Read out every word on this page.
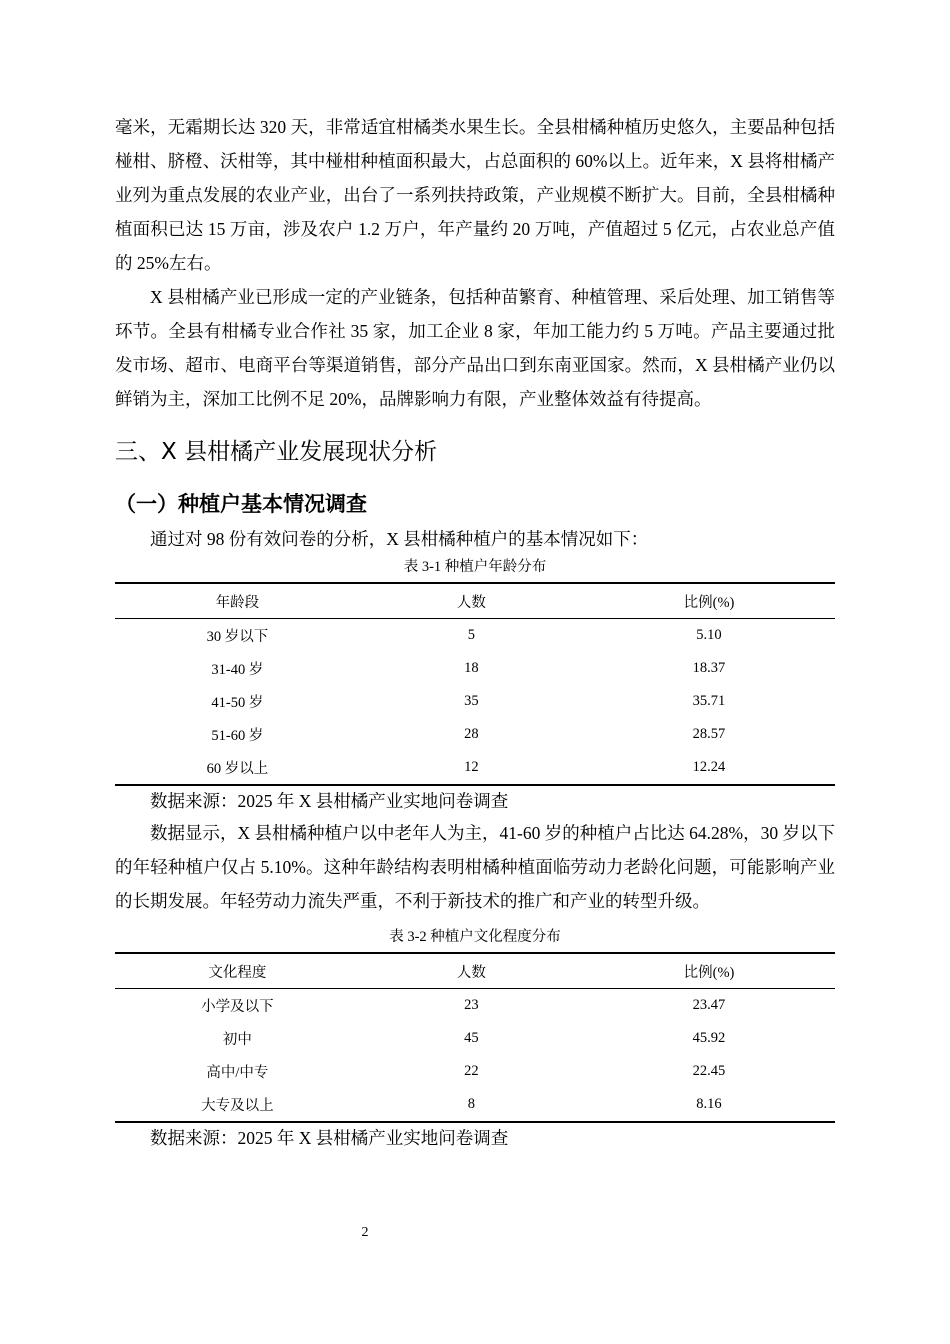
毫米，无霜期长达 320 天，非常适宜柑橘类水果生长。全县柑橘种植历史悠久，主要品种包括椪柑、脐橙、沃柑等，其中椪柑种植面积最大，占总面积的 60%以上。近年来，X 县将柑橘产业列为重点发展的农业产业，出台了一系列扶持政策，产业规模不断扩大。目前，全县柑橘种植面积已达 15 万亩，涉及农户 1.2 万户，年产量约 20 万吨，产值超过 5 亿元，占农业总产值的 25%左右。

X 县柑橘产业已形成一定的产业链条，包括种苗繁育、种植管理、采后处理、加工销售等环节。全县有柑橘专业合作社 35 家，加工企业 8 家，年加工能力约 5 万吨。产品主要通过批发市场、超市、电商平台等渠道销售，部分产品出口到东南亚国家。然而，X 县柑橘产业仍以鲜销为主，深加工比例不足 20%，品牌影响力有限，产业整体效益有待提高。

三、X 县柑橘产业发展现状分析
（一）种植户基本情况调查

通过对 98 份有效问卷的分析，X 县柑橘种植户的基本情况如下：

表 3-1 种植户年龄分布

年龄段	人数	比例(%)
30 岁以下	5	5.10
31-40 岁	18	18.37
41-50 岁	35	35.71
51-60 岁	28	28.57
60 岁以上	12	12.24

数据来源：2025 年 X 县柑橘产业实地问卷调查

数据显示，X 县柑橘种植户以中老年人为主，41-60 岁的种植户占比达 64.28%，30 岁以下的年轻种植户仅占 5.10%。这种年龄结构表明柑橘种植面临劳动力老龄化问题，可能影响产业的长期发展。年轻劳动力流失严重，不利于新技术的推广和产业的转型升级。

表 3-2 种植户文化程度分布

文化程度	人数	比例(%)
小学及以下	23	23.47
初中	45	45.92
高中/中专	22	22.45
大专及以上	8	8.16

数据来源：2025 年 X 县柑橘产业实地问卷调查

2
